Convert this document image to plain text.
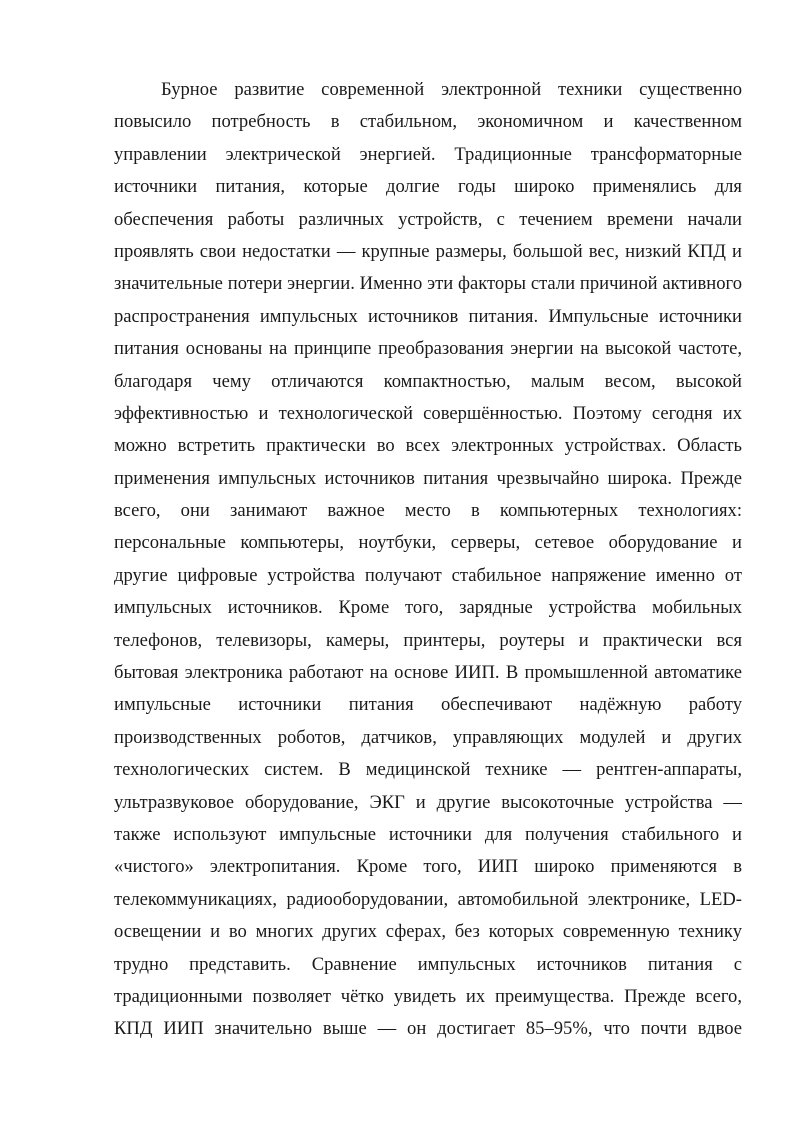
Бурное развитие современной электронной техники существенно
повысило потребность в стабильном, экономичном и качественном
управлении электрической энергией. Традиционные трансформаторные
источники питания, которые долгие годы широко применялись для
обеспечения работы различных устройств, с течением времени начали
проявлять свои недостатки — крупные размеры, большой вес, низкий КПД и
значительные потери энергии. Именно эти факторы стали причиной активного
распространения импульсных источников питания. Импульсные источники
питания основаны на принципе преобразования энергии на высокой частоте,
благодаря чему отличаются компактностью, малым весом, высокой
эффективностью и технологической совершённостью. Поэтому сегодня их
можно встретить практически во всех электронных устройствах. Область
применения импульсных источников питания чрезвычайно широка. Прежде
всего, они занимают важное место в компьютерных технологиях:
персональные компьютеры, ноутбуки, серверы, сетевое оборудование и
другие цифровые устройства получают стабильное напряжение именно от
импульсных источников. Кроме того, зарядные устройства мобильных
телефонов, телевизоры, камеры, принтеры, роутеры и практически вся
бытовая электроника работают на основе ИИП. В промышленной автоматике
импульсные источники питания обеспечивают надёжную работу
производственных роботов, датчиков, управляющих модулей и других
технологических систем. В медицинской технике — рентген-аппараты,
ультразвуковое оборудование, ЭКГ и другие высокоточные устройства —
также используют импульсные источники для получения стабильного и
«чистого» электропитания. Кроме того, ИИП широко применяются в
телекоммуникациях, радиооборудовании, автомобильной электронике, LED-
освещении и во многих других сферах, без которых современную технику
трудно представить. Сравнение импульсных источников питания с
традиционными позволяет чётко увидеть их преимущества. Прежде всего,
КПД ИИП значительно выше — он достигает 85–95%, что почти вдвое
